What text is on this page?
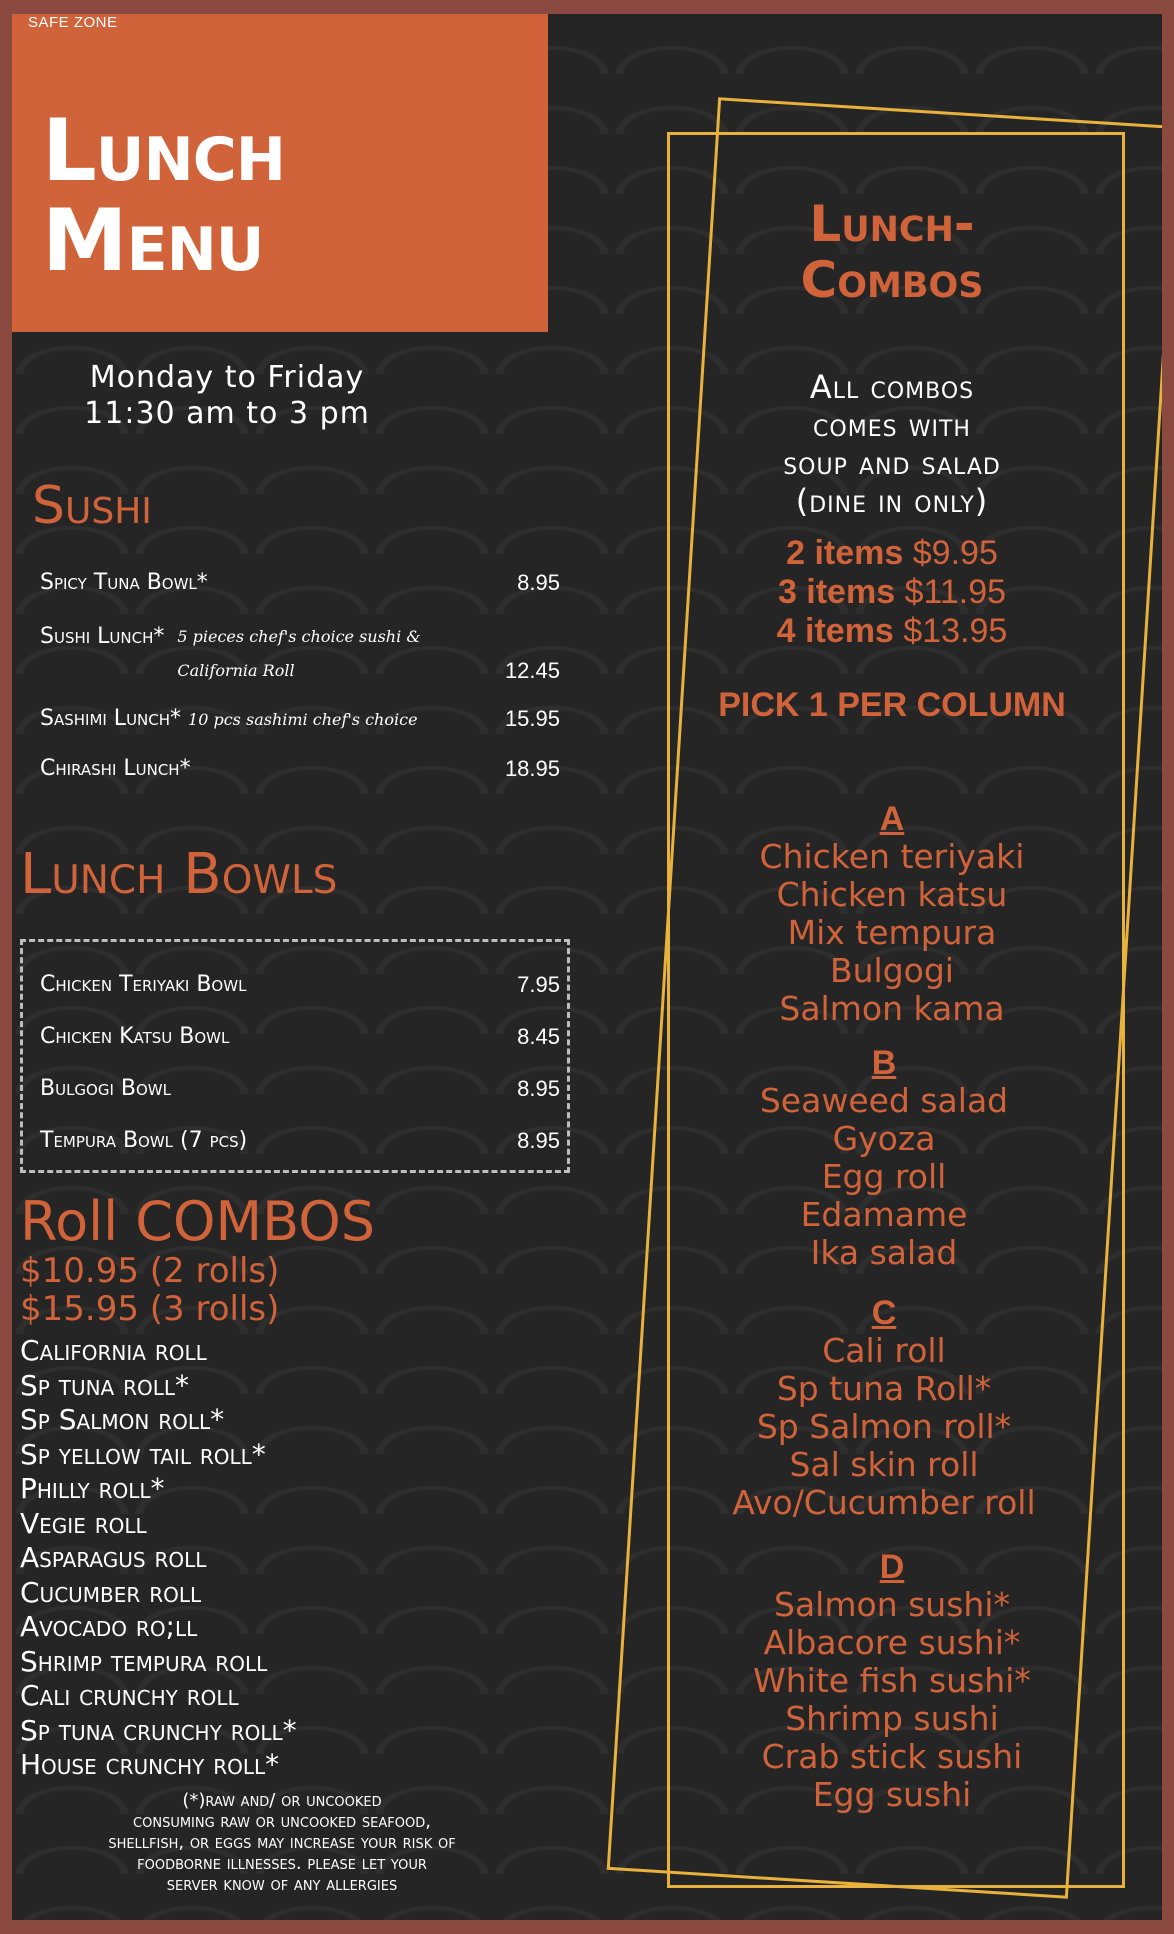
SAFE ZONE
Lunch
Menu
Monday to Friday
11:30 am to 3 pm
Sushi
Spicy Tuna Bowl*	8.95
Sushi Lunch* 5 pieces chef's choice sushi & California Roll	12.45
Sashimi Lunch* 10 pcs sashimi chef's choice	15.95
Chirashi Lunch*	18.95
Lunch Bowls
Chicken Teriyaki Bowl	7.95
Chicken Katsu Bowl	8.45
Bulgogi Bowl	8.95
Tempura Bowl (7 pcs)	8.95
Roll COMBOS
$10.95 (2 rolls)
$15.95 (3 rolls)
California roll
Sp tuna roll*
Sp Salmon roll*
Sp yellow tail roll*
Philly roll*
Vegie roll
Asparagus roll
Cucumber roll
Avocado ro;ll
Shrimp tempura roll
Cali crunchy roll
Sp tuna crunchy roll*
House crunchy roll*
(*)raw and/ or uncooked
consuming raw or uncooked seafood,
shellfish, or eggs may increase your risk of
foodborne illnesses. please let your
server know of any allergies
Lunch-
Combos
All combos
comes with
soup and salad
(dine in only)
2 items $9.95
3 items $11.95
4 items $13.95
PICK 1 PER COLUMN
A
Chicken teriyaki
Chicken katsu
Mix tempura
Bulgogi
Salmon kama
B
Seaweed salad
Gyoza
Egg roll
Edamame
Ika salad
C
Cali roll
Sp tuna Roll*
Sp Salmon roll*
Sal skin roll
Avo/Cucumber roll
D
Salmon sushi*
Albacore sushi*
White fish sushi*
Shrimp sushi
Crab stick sushi
Egg sushi
